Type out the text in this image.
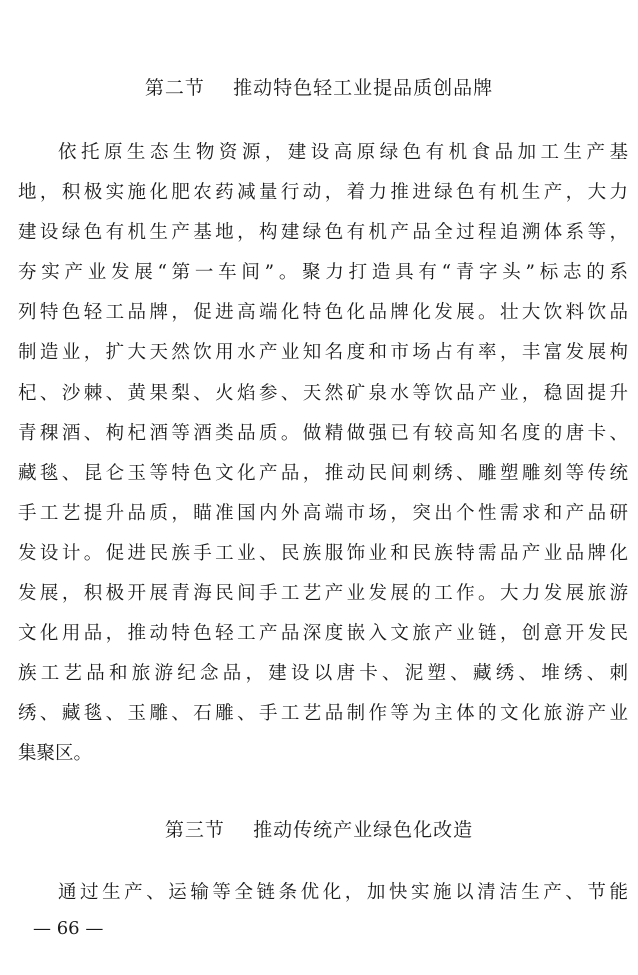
第二节    推动特色轻工业提品质创品牌

依托原生态生物资源，建设高原绿色有机食品加工生产基

地，积极实施化肥农药减量行动，着力推进绿色有机生产，大力

建设绿色有机生产基地，构建绿色有机产品全过程追溯体系等，

夯实产业发展“第一车间”。聚力打造具有“青字头”标志的系

列特色轻工品牌，促进高端化特色化品牌化发展。壮大饮料饮品

制造业，扩大天然饮用水产业知名度和市场占有率，丰富发展枸

杞、沙棘、黄果梨、火焰参、天然矿泉水等饮品产业，稳固提升

青稞酒、枸杞酒等酒类品质。做精做强已有较高知名度的唐卡、

藏毯、昆仑玉等特色文化产品，推动民间刺绣、雕塑雕刻等传统

手工艺提升品质，瞄准国内外高端市场，突出个性需求和产品研

发设计。促进民族手工业、民族服饰业和民族特需品产业品牌化

发展，积极开展青海民间手工艺产业发展的工作。大力发展旅游

文化用品，推动特色轻工产品深度嵌入文旅产业链，创意开发民

族工艺品和旅游纪念品，建设以唐卡、泥塑、藏绣、堆绣、刺

绣、藏毯、玉雕、石雕、手工艺品制作等为主体的文化旅游产业

集聚区。

第三节    推动传统产业绿色化改造

通过生产、运输等全链条优化，加快实施以清洁生产、节能

— 66 —
